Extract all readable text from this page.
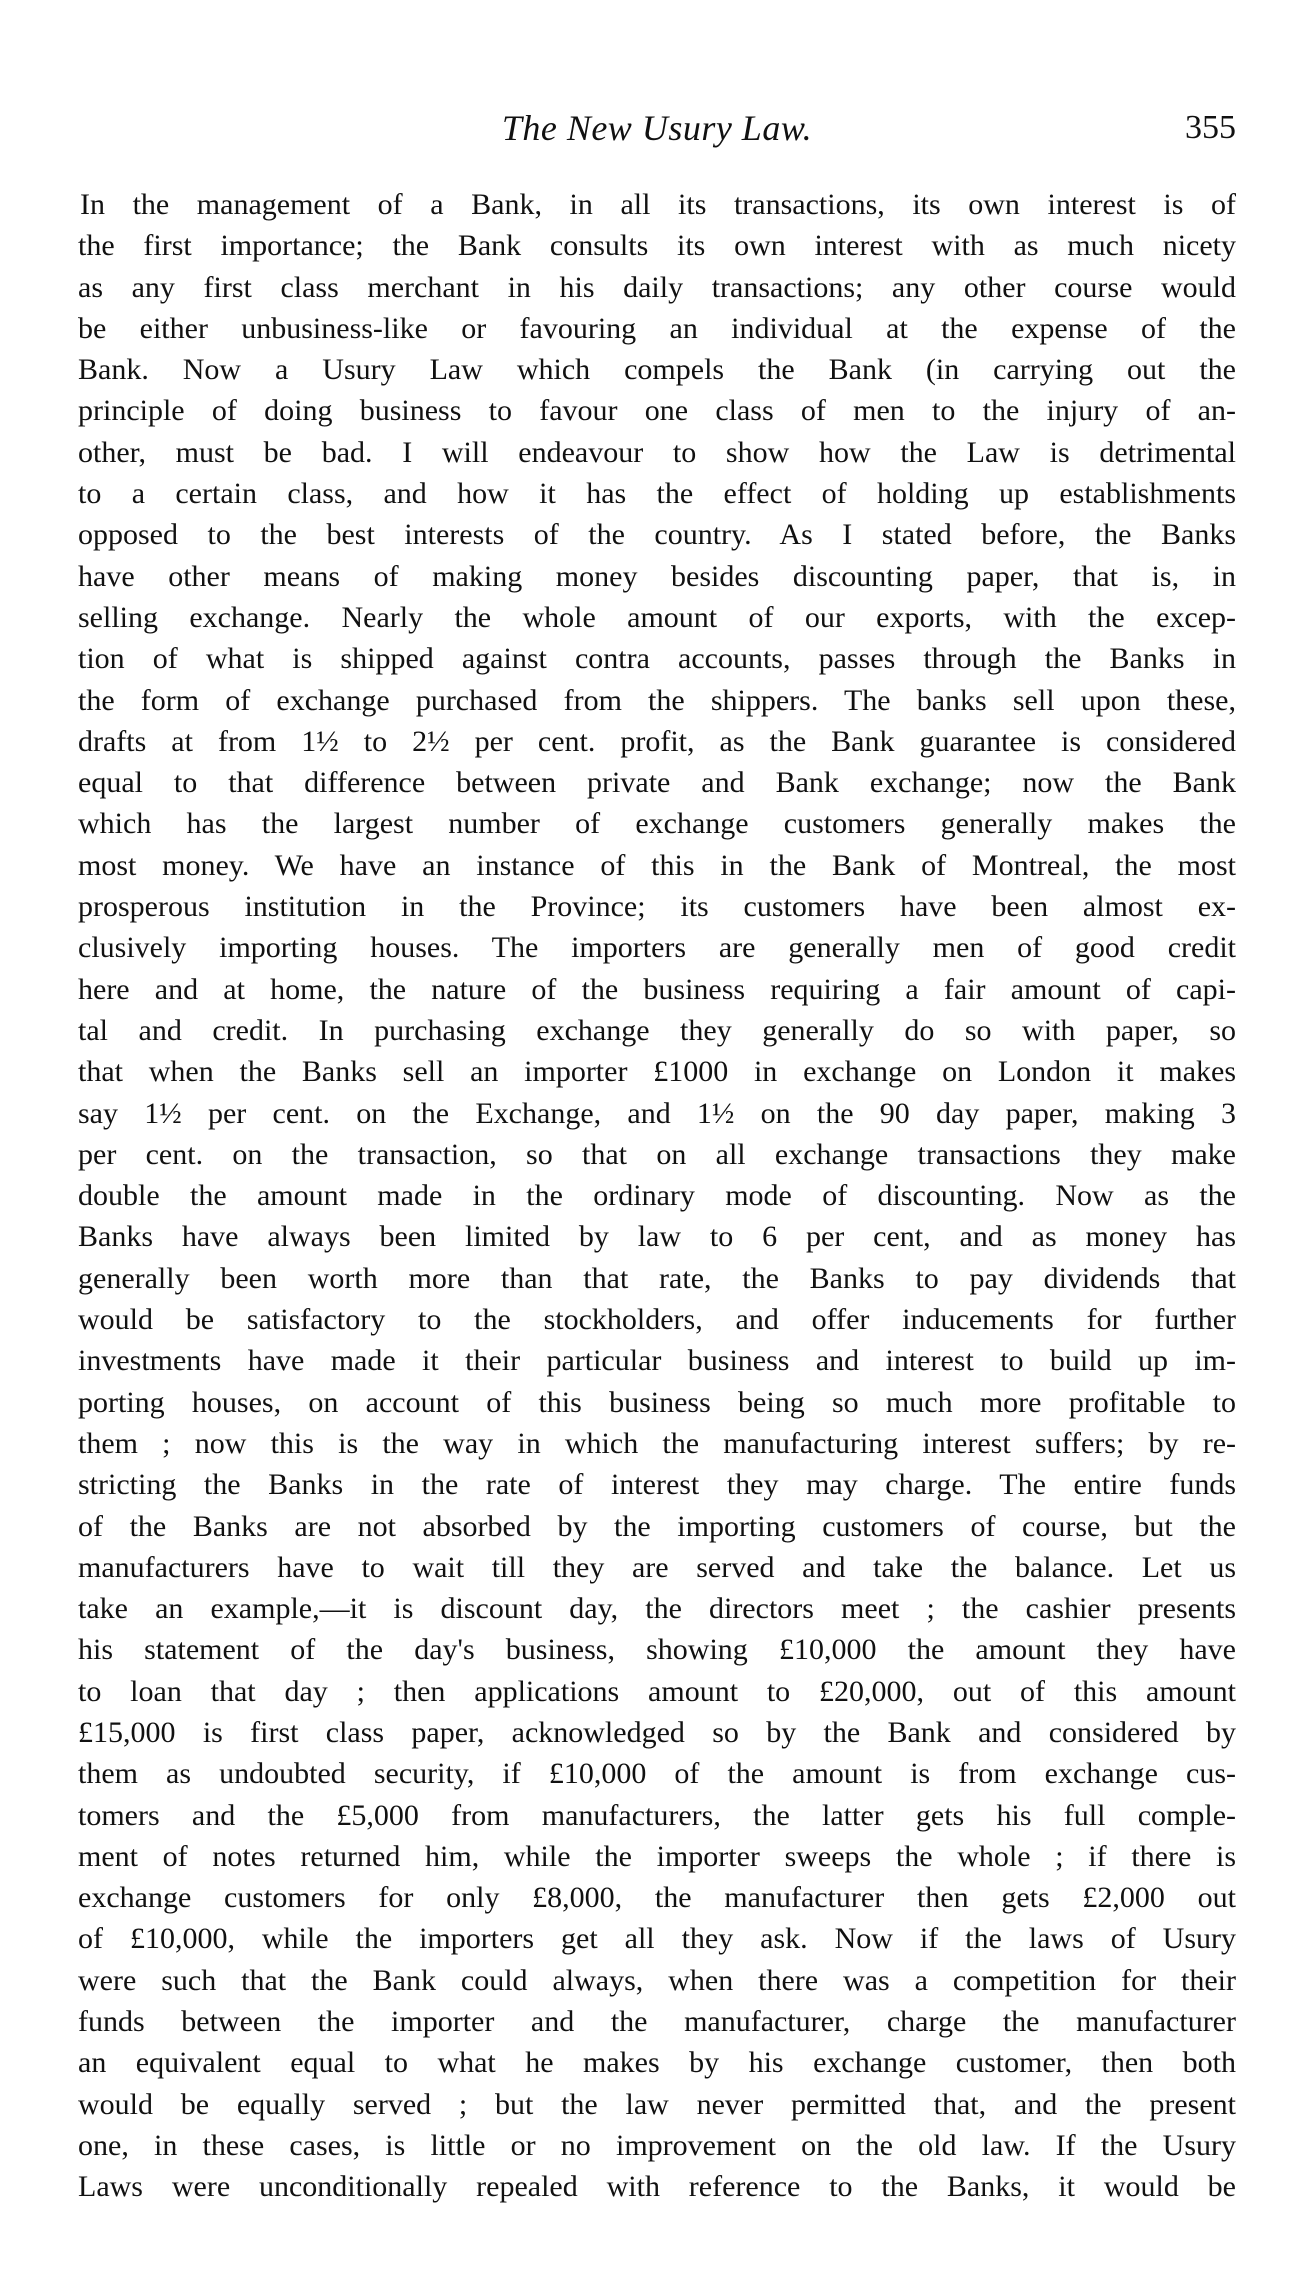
The New Usury Law.	355
In the management of a Bank, in all its transactions, its own interest is of
the first importance; the Bank consults its own interest with as much nicety
as any first class merchant in his daily transactions; any other course would
be either unbusiness-like or favouring an individual at the expense of the
Bank. Now a Usury Law which compels the Bank (in carrying out the
principle of doing business to favour one class of men to the injury of an-
other, must be bad. I will endeavour to show how the Law is detrimental
to a certain class, and how it has the effect of holding up establishments
opposed to the best interests of the country. As I stated before, the Banks
have other means of making money besides discounting paper, that is, in
selling exchange. Nearly the whole amount of our exports, with the excep-
tion of what is shipped against contra accounts, passes through the Banks in
the form of exchange purchased from the shippers. The banks sell upon these,
drafts at from 1½ to 2½ per cent. profit, as the Bank guarantee is considered
equal to that difference between private and Bank exchange; now the Bank
which has the largest number of exchange customers generally makes the
most money. We have an instance of this in the Bank of Montreal, the most
prosperous institution in the Province; its customers have been almost ex-
clusively importing houses. The importers are generally men of good credit
here and at home, the nature of the business requiring a fair amount of capi-
tal and credit. In purchasing exchange they generally do so with paper, so
that when the Banks sell an importer £1000 in exchange on London it makes
say 1½ per cent. on the Exchange, and 1½ on the 90 day paper, making 3
per cent. on the transaction, so that on all exchange transactions they make
double the amount made in the ordinary mode of discounting. Now as the
Banks have always been limited by law to 6 per cent, and as money has
generally been worth more than that rate, the Banks to pay dividends that
would be satisfactory to the stockholders, and offer inducements for further
investments have made it their particular business and interest to build up im-
porting houses, on account of this business being so much more profitable to
them ; now this is the way in which the manufacturing interest suffers; by re-
stricting the Banks in the rate of interest they may charge. The entire funds
of the Banks are not absorbed by the importing customers of course, but the
manufacturers have to wait till they are served and take the balance. Let us
take an example,—it is discount day, the directors meet ; the cashier presents
his statement of the day's business, showing £10,000 the amount they have
to loan that day ; then applications amount to £20,000, out of this amount
£15,000 is first class paper, acknowledged so by the Bank and considered by
them as undoubted security, if £10,000 of the amount is from exchange cus-
tomers and the £5,000 from manufacturers, the latter gets his full comple-
ment of notes returned him, while the importer sweeps the whole ; if there is
exchange customers for only £8,000, the manufacturer then gets £2,000 out
of £10,000, while the importers get all they ask. Now if the laws of Usury
were such that the Bank could always, when there was a competition for their
funds between the importer and the manufacturer, charge the manufacturer
an equivalent equal to what he makes by his exchange customer, then both
would be equally served ; but the law never permitted that, and the present
one, in these cases, is little or no improvement on the old law. If the Usury
Laws were unconditionally repealed with reference to the Banks, it would be
